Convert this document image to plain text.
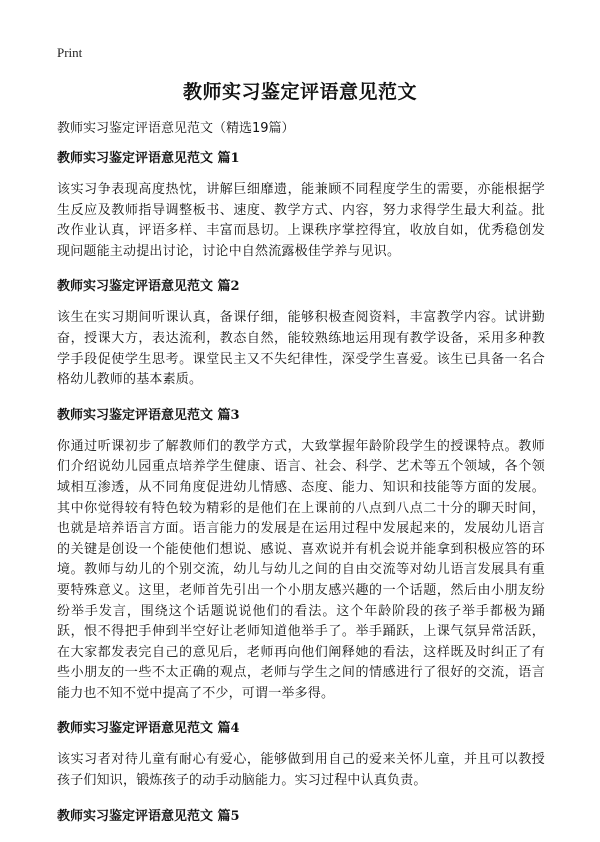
Print
教师实习鉴定评语意见范文

教师实习鉴定评语意见范文（精选19篇）

教师实习鉴定评语意见范文 篇1

该实习争表现高度热忱，讲解巨细靡遗，能兼顾不同程度学生的需要，亦能根据学生反应及教师指导调整板书、速度、教学方式、内容，努力求得学生最大利益。批改作业认真，评语多样、丰富而恳切。上课秩序掌控得宜，收放自如，优秀稳创发现问题能主动提出讨论，讨论中自然流露极佳学养与见识。

教师实习鉴定评语意见范文 篇2

该生在实习期间听课认真，备课仔细，能够积极查阅资料，丰富教学内容。试讲勤奋，授课大方，表达流利，教态自然，能较熟练地运用现有教学设备，采用多种教学手段促使学生思考。课堂民主又不失纪律性，深受学生喜爱。该生已具备一名合格幼儿教师的基本素质。

教师实习鉴定评语意见范文 篇3

你通过听课初步了解教师们的教学方式，大致掌握年龄阶段学生的授课特点。教师们介绍说幼儿园重点培养学生健康、语言、社会、科学、艺术等五个领域，各个领域相互渗透，从不同角度促进幼儿情感、态度、能力、知识和技能等方面的发展。其中你觉得较有特色较为精彩的是他们在上课前的八点到八点二十分的聊天时间，也就是培养语言方面。语言能力的发展是在运用过程中发展起来的，发展幼儿语言的关键是创设一个能使他们想说、感说、喜欢说并有机会说并能拿到积极应答的环境。教师与幼儿的个别交流，幼儿与幼儿之间的自由交流等对幼儿语言发展具有重要特殊意义。这里，老师首先引出一个小朋友感兴趣的一个话题，然后由小朋友纷纷举手发言，围绕这个话题说说他们的看法。这个年龄阶段的孩子举手都极为踊跃，恨不得把手伸到半空好让老师知道他举手了。举手踊跃，上课气氛异常活跃，在大家都发表完自己的意见后，老师再向他们阐释她的看法，这样既及时纠正了有些小朋友的一些不太正确的观点，老师与学生之间的情感进行了很好的交流，语言能力也不知不觉中提高了不少，可谓一举多得。

教师实习鉴定评语意见范文 篇4

该实习者对待儿童有耐心有爱心，能够做到用自己的爱来关怀儿童，并且可以教授孩子们知识，锻炼孩子的动手动脑能力。实习过程中认真负责。

教师实习鉴定评语意见范文 篇5
